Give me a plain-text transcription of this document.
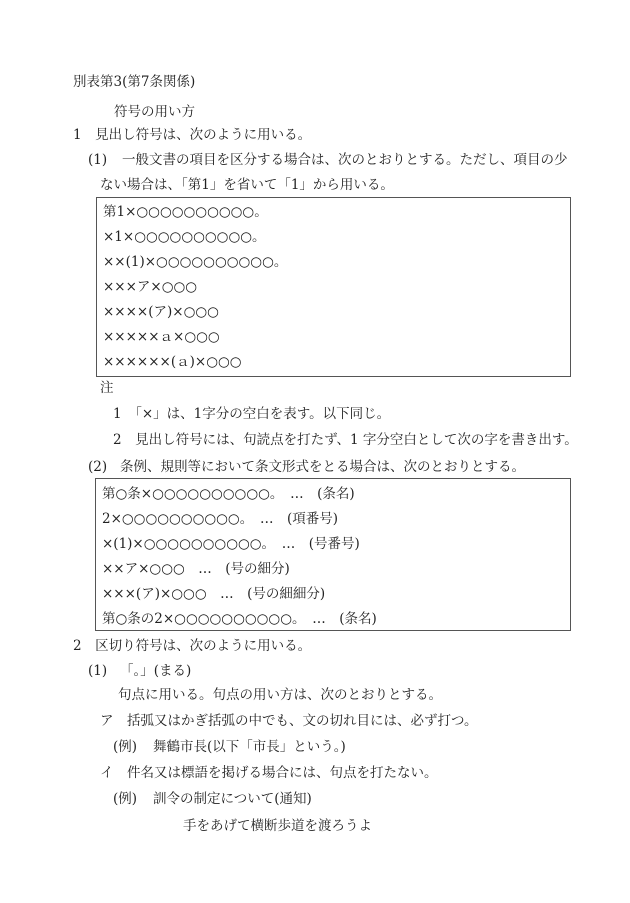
別表第3(第7条関係)
符号の用い方
1　見出し符号は、次のように用いる。
(1) 一般文書の項目を区分する場合は、次のとおりとする。ただし、項目の少
ない場合は、「第1」を省いて「1」から用いる。
第1×○○○○○○○○○○。
×1×○○○○○○○○○○。
××(1)×○○○○○○○○○○。
×××ア×○○○
××××(ア)×○○○
×××××ａ×○○○
××××××(ａ)×○○○
注
1　「×」は、1字分の空白を表す。以下同じ。
2　見出し符号には、句読点を打たず、1 字分空白として次の字を書き出す。
(2) 条例、規則等において条文形式をとる場合は、次のとおりとする。
第○条×○○○○○○○○○○。　…　(条名)
2×○○○○○○○○○○。　…　(項番号)
×(1)×○○○○○○○○○○。　…　(号番号)
××ア×○○○　…　(号の細分)
×××(ア)×○○○　…　(号の細細分)
第○条の2×○○○○○○○○○○。　…　(条名)
2　区切り符号は、次のように用いる。
(1) 「。」(まる)
句点に用いる。句点の用い方は、次のとおりとする。
ア 括弧又はかぎ括弧の中でも、文の切れ目には、必ず打つ。
(例) 舞鶴市長(以下「市長」という。)
イ 件名又は標語を掲げる場合には、句点を打たない。
(例) 訓令の制定について(通知)
手をあげて横断歩道を渡ろうよ
